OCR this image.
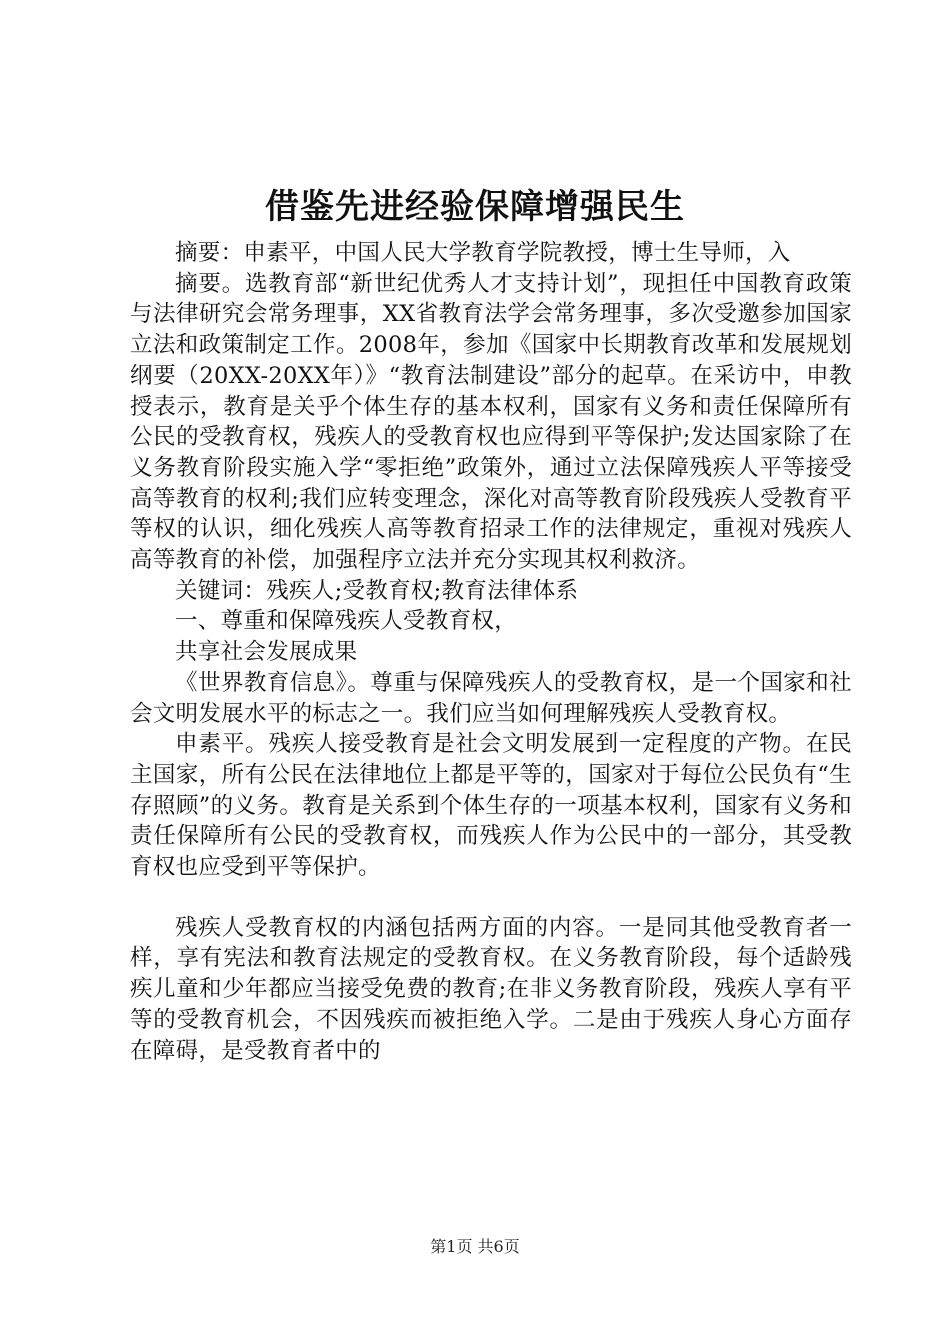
借鉴先进经验保障增强民生

摘要：申素平，中国人民大学教育学院教授，博士生导师，入

摘要。选教育部“新世纪优秀人才支持计划”，现担任中国教育政策与法律研究会常务理事，XX省教育法学会常务理事，多次受邀参加国家立法和政策制定工作。2008年，参加《国家中长期教育改革和发展规划纲要（20XX-20XX年）》“教育法制建设”部分的起草。在采访中，申教授表示，教育是关乎个体生存的基本权利，国家有义务和责任保障所有公民的受教育权，残疾人的受教育权也应得到平等保护;发达国家除了在义务教育阶段实施入学“零拒绝”政策外，通过立法保障残疾人平等接受高等教育的权利;我们应转变理念，深化对高等教育阶段残疾人受教育平等权的认识，细化残疾人高等教育招录工作的法律规定，重视对残疾人高等教育的补偿，加强程序立法并充分实现其权利救济。

关键词：残疾人;受教育权;教育法律体系

一、尊重和保障残疾人受教育权，

共享社会发展成果

《世界教育信息》。尊重与保障残疾人的受教育权，是一个国家和社会文明发展水平的标志之一。我们应当如何理解残疾人受教育权。

申素平。残疾人接受教育是社会文明发展到一定程度的产物。在民主国家，所有公民在法律地位上都是平等的，国家对于每位公民负有“生存照顾”的义务。教育是关系到个体生存的一项基本权利，国家有义务和责任保障所有公民的受教育权，而残疾人作为公民中的一部分，其受教育权也应受到平等保护。

残疾人受教育权的内涵包括两方面的内容。一是同其他受教育者一样，享有宪法和教育法规定的受教育权。在义务教育阶段，每个适龄残疾儿童和少年都应当接受免费的教育;在非义务教育阶段，残疾人享有平等的受教育机会，不因残疾而被拒绝入学。二是由于残疾人身心方面存在障碍，是受教育者中的

第1页 共6页
